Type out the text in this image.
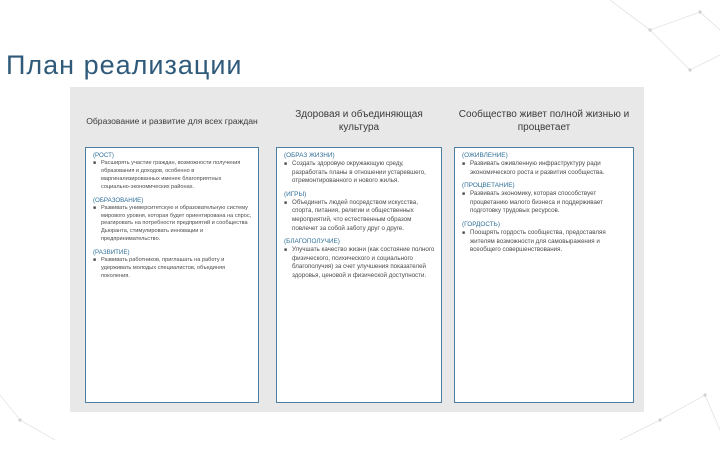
План реализации
Образование и развитие для всех граждан
(РОСТ)
■ Расширять участие граждан, возможности получения образования и доходов, особенно в маргинализированных именее благоприятных социально-экономических районах.
(ОБРАЗОВАНИЕ)
■ Развивать университетскую и образовательную систему мирового уровня, которая будет ориентирована на спрос, реагировать на потребности предприятий и сообщества Дьюранта, стимулировать инновации и предпринимательство.
(РАЗВИТИЕ)
■ Развивать работников, приглашать на работу и удерживать молодых специалистов, объединяя поколения.
Здоровая и объединяющая культура
(ОБРАЗ ЖИЗНИ)
■ Создать здоровую окружающую среду, разработать планы в отношении устаревшего, отремонтированного и нового жилья.
(ИГРЫ)
■ Объединить людей посредством искусства, спорта, питания, религии и общественных мероприятий, что естественным образом повлечет за собой заботу друг о друге.
(БЛАГОПОЛУЧИЕ)
■ Улучшать качество жизни (как состояние полного физического, психического и социального благополучия) за счет улучшения показателей здоровья, ценовой и физической доступности.
Сообщество живет полной жизнью и процветает
(ОЖИВЛЕНИЕ)
■ Развивать оживленную инфраструктуру ради экономического роста и развития сообщества.
(ПРОЦВЕТАНИЕ)
■ Развивать экономику, которая способствует процветанию малого бизнеса и поддерживает подготовку трудовых ресурсов.
(ГОРДОСТЬ)
■ Поощрять гордость сообщества, предоставляя жителям возможности для самовыражения и всеобщего совершенствования.
